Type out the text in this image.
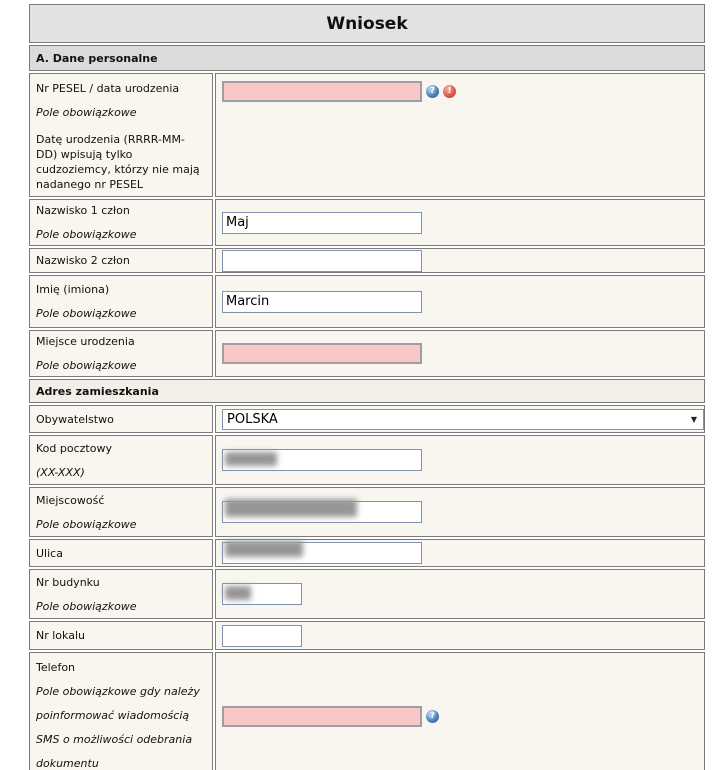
Wniosek	
A. Dane personalne	

Nr PESEL / data urodzenia
Pole obowiązkowe
Datę urodzenia (RRRR-MM-DD) wpisują tylko cudzoziemcy, którzy nie mają nadanego nr PESEL

?	!

Nazwisko 1 człon
Pole obowiązkowe
	Maj

Nazwisko 2 człon

Imię (imiona)
Pole obowiązkowe
	Marcin

Miejsce urodzenia
Pole obowiązkowe

Adres zamieszkania	

Obywatelstwo	POLSKA ▼

Kod pocztowy
(XX-XXX)

Miejscowość
Pole obowiązkowe

Ulica

Nr budynku
Pole obowiązkowe

Nr lokalu

Telefon
Pole obowiązkowe gdy należy poinformować wiadomością SMS o możliwości odebrania dokumentu	?
